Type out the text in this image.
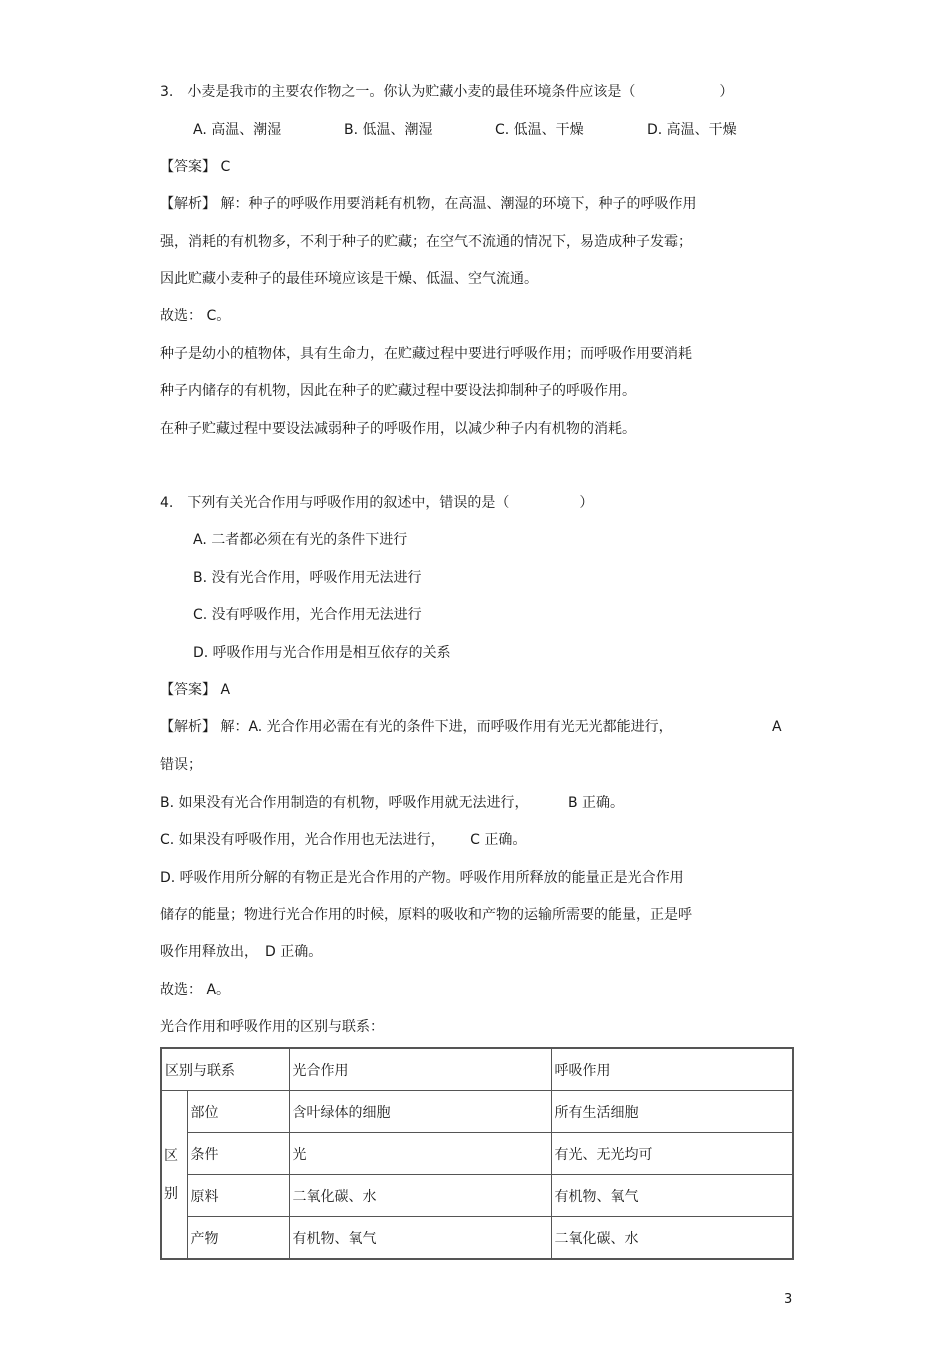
3.　小麦是我市的主要农作物之一。你认为贮藏小麦的最佳环境条件应该是（　　　　　　）
A. 高温、潮湿	B. 低温、潮湿	C. 低温、干燥	D. 高温、干燥
【答案】 C
【解析】 解：种子的呼吸作用要消耗有机物，在高温、潮湿的环境下，种子的呼吸作用
强，消耗的有机物多，不利于种子的贮藏；在空气不流通的情况下，易造成种子发霉；
因此贮藏小麦种子的最佳环境应该是干燥、低温、空气流通。
故选： C。
种子是幼小的植物体，具有生命力，在贮藏过程中要进行呼吸作用；而呼吸作用要消耗
种子内储存的有机物，因此在种子的贮藏过程中要设法抑制种子的呼吸作用。
在种子贮藏过程中要设法减弱种子的呼吸作用，以减少种子内有机物的消耗。
4.　下列有关光合作用与呼吸作用的叙述中，错误的是（　　　　　）
A. 二者都必须在有光的条件下进行
B. 没有光合作用，呼吸作用无法进行
C. 没有呼吸作用，光合作用无法进行
D. 呼吸作用与光合作用是相互依存的关系
【答案】 A
【解析】 解：A. 光合作用必需在有光的条件下进，而呼吸作用有光无光都能进行，	A
错误；
B. 如果没有光合作用制造的有机物，呼吸作用就无法进行，　　　 B 正确。
C. 如果没有呼吸作用，光合作用也无法进行，　　 C 正确。
D. 呼吸作用所分解的有物正是光合作用的产物。呼吸作用所释放的能量正是光合作用
储存的能量；物进行光合作用的时候，原料的吸收和产物的运输所需要的能量，正是呼
吸作用释放出，　D 正确。
故选： A。
光合作用和呼吸作用的区别与联系：
区别与联系		光合作用	呼吸作用

区
别	部位	含叶绿体的细胞	所有生活细胞
	条件	光	有光、无光均可
	原料	二氧化碳、水	有机物、氧气
	产物	有机物、氧气	二氧化碳、水
3
